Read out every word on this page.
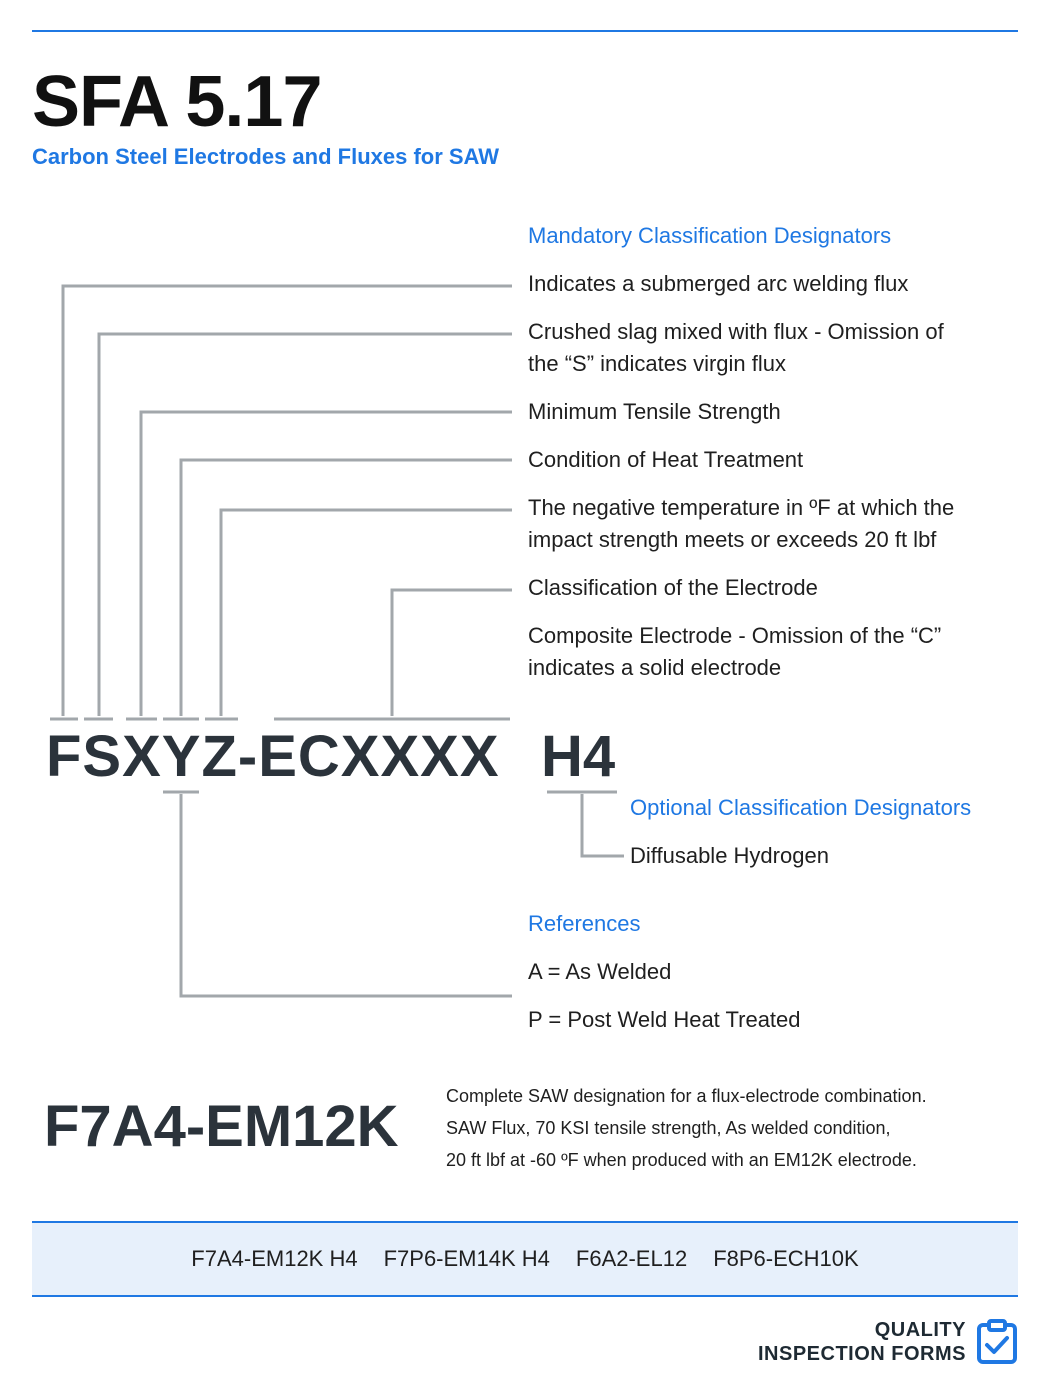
SFA 5.17
Carbon Steel Electrodes and Fluxes for SAW
Mandatory Classification Designators
Indicates a submerged arc welding flux
Crushed slag mixed with flux - Omission of
the “S” indicates virgin flux
Minimum Tensile Strength
Condition of Heat Treatment
The negative temperature in ºF at which the
impact strength meets or exceeds 20 ft lbf
Classification of the Electrode
Composite Electrode - Omission of the “C”
indicates a solid electrode
FSXYZ-ECXXXX H4
Optional Classification Designators
Diffusable Hydrogen
References
A = As Welded
P = Post Weld Heat Treated
F7A4-EM12K	Complete SAW designation for a flux-electrode combination.
SAW Flux, 70 KSI tensile strength, As welded condition,
20 ft lbf at -60 ºF when produced with an EM12K electrode.
F7A4-EM12K H4 F7P6-EM14K H4 F6A2-EL12 F8P6-ECH10K
QUALITY
INSPECTION FORMS
